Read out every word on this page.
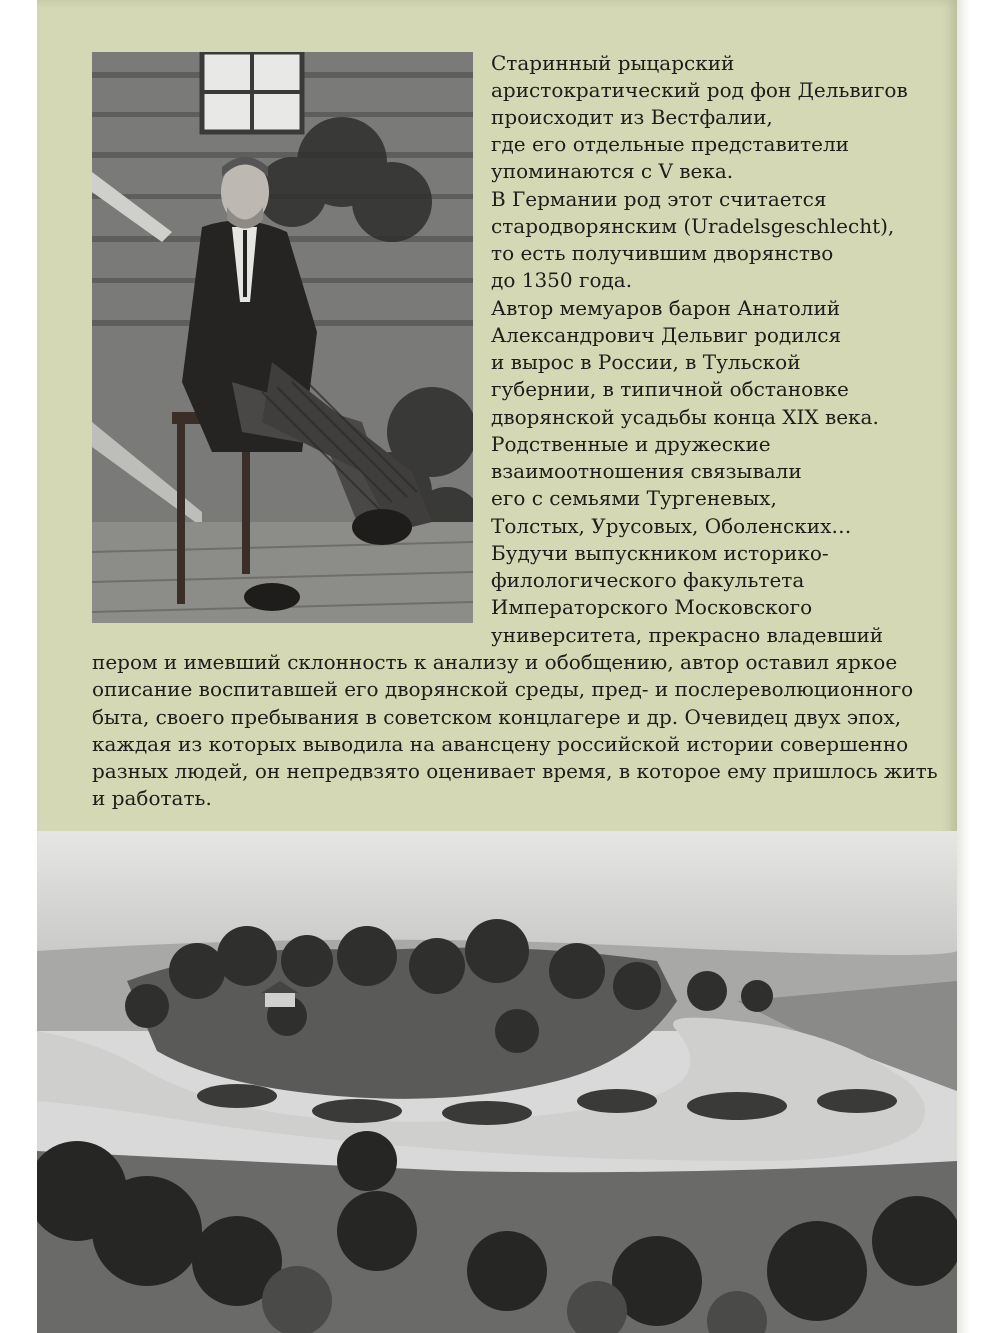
Старинный рыцарский
аристократический род фон Дельвигов
происходит из Вестфалии,
где его отдельные представители
упоминаются с V века.
В Германии род этот считается
стародворянским (Uradelsgeschlecht),
то есть получившим дворянство
до 1350 года.
Автор мемуаров барон Анатолий
Александрович Дельвиг родился
и вырос в России, в Тульской
губернии, в типичной обстановке
дворянской усадьбы конца XIX века.
Родственные и дружеские
взаимоотношения связывали
его с семьями Тургеневых,
Толстых, Урусовых, Оболенских…
Будучи выпускником историко-
филологического факультета
Императорского Московского
университета, прекрасно владевший
пером и имевший склонность к анализу и обобщению, автор оставил яркое
описание воспитавшей его дворянской среды, пред- и послереволюционного
быта, своего пребывания в советском концлагере и др. Очевидец двух эпох,
каждая из которых выводила на авансцену российской истории совершенно
разных людей, он непредвзято оценивает время, в которое ему пришлось жить
и работать.
